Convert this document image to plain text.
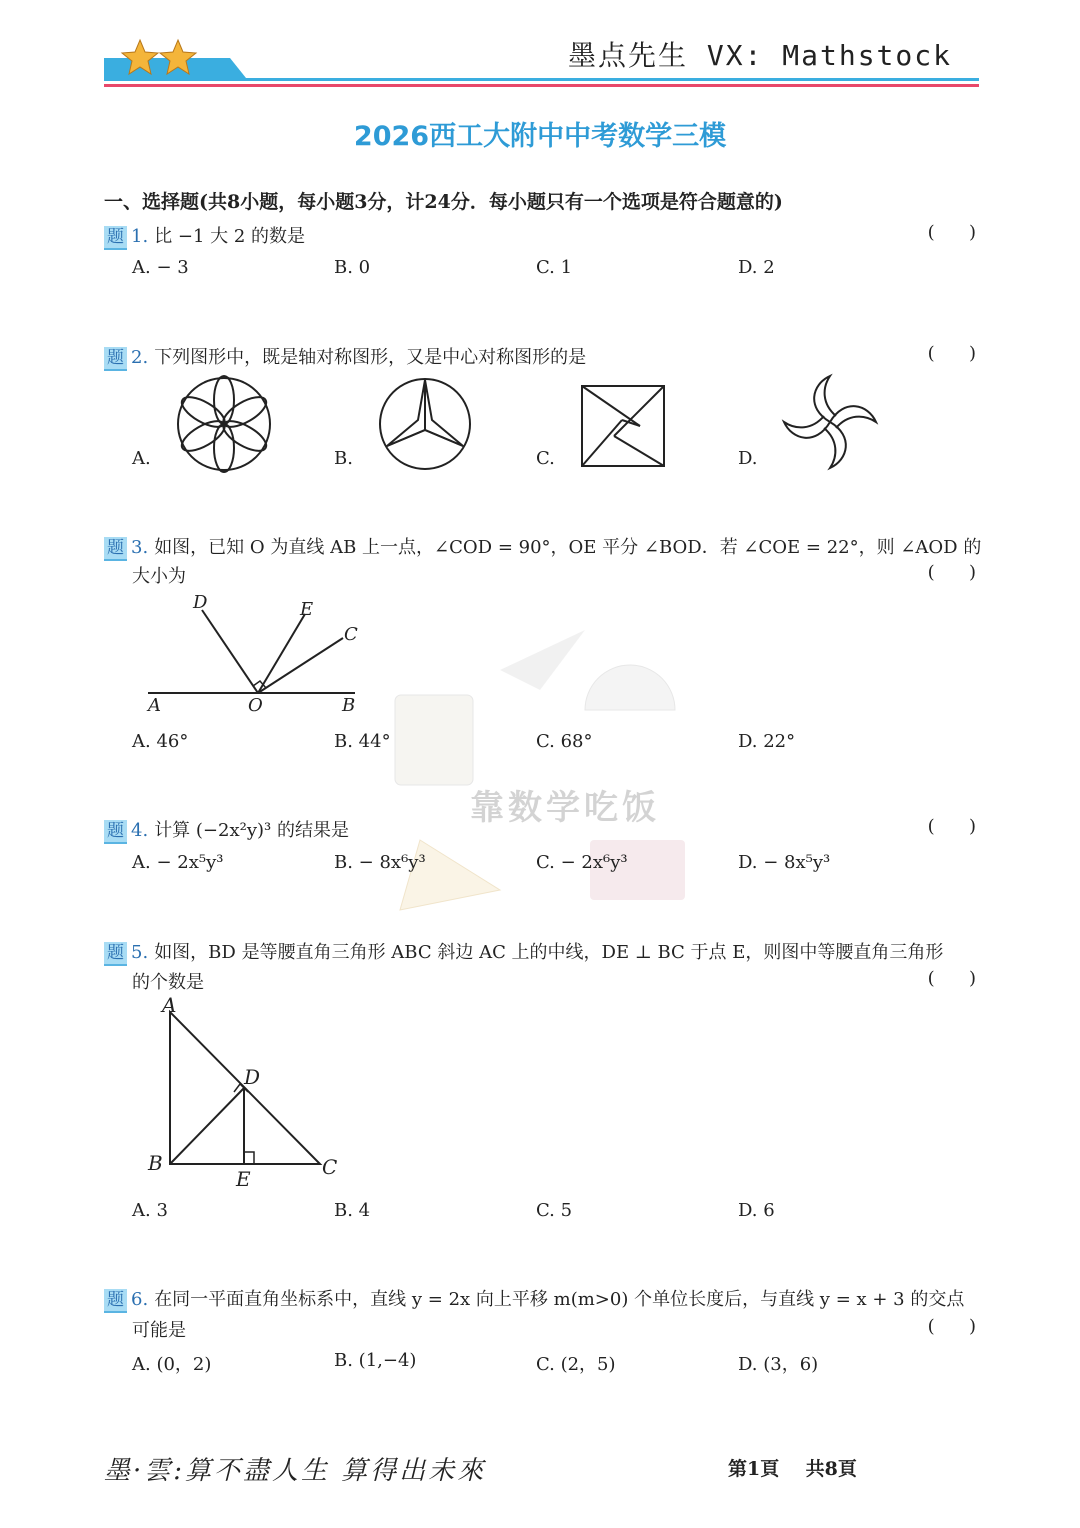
墨点先生 VX: Mathstock
2026西工大附中中考数学三模
一、选择题(共8小题，每小题3分，计24分．每小题只有一个选项是符合题意的)
题 1. 比 −1 大 2 的数是	(      )
A. − 3	B. 0	C. 1	D. 2
题 2. 下列图形中，既是轴对称图形，又是中心对称图形的是	(      )
A.	B.	C.	D.
题 3. 如图，已知 O 为直线 AB 上一点，∠COD = 90°，OE 平分 ∠BOD．若 ∠COE = 22°，则 ∠AOD 的
大小为	(      )
D	E
C
A	O	B
A. 46°	B. 44°	C. 68°	D. 22°
靠数学吃饭
题 4. 计算 (−2x²y)³ 的结果是	(      )
A. − 2x⁵y³	B. − 8x⁶y³	C. − 2x⁶y³	D. − 8x⁵y³
题 5. 如图，BD 是等腰直角三角形 ABC 斜边 AC 上的中线，DE ⊥ BC 于点 E，则图中等腰直角三角形
的个数是	(      )
A
D
B
E	C
A. 3	B. 4	C. 5	D. 6
题 6. 在同一平面直角坐标系中，直线 y = 2x 向上平移 m(m>0) 个单位长度后，与直线 y = x + 3 的交点
可能是	(      )
A. (0，2)	B. (1,−4)	C. (2，5)	D. (3，6)
墨·雲:算不盡人生 算得出未來	第1頁    共8頁
